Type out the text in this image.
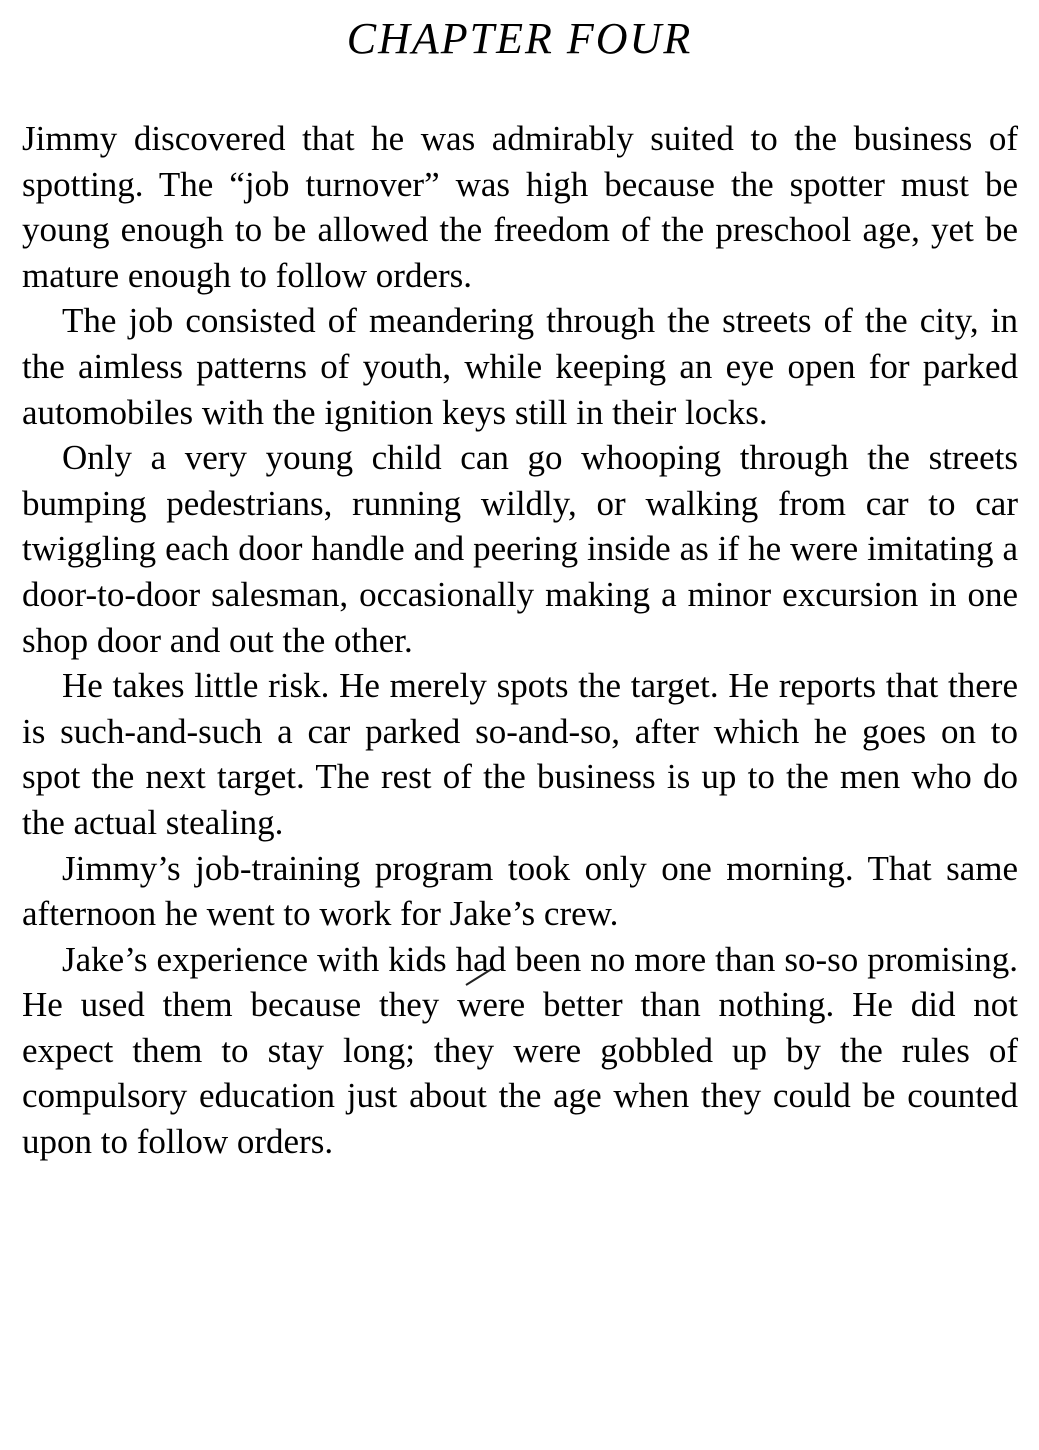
CHAPTER FOUR

Jimmy discovered that he was admirably suited to the business of spotting. The “job turnover” was high because the spotter must be young enough to be allowed the freedom of the preschool age, yet be mature enough to follow orders.

The job consisted of meandering through the streets of the city, in the aimless patterns of youth, while keeping an eye open for parked automobiles with the ignition keys still in their locks.

Only a very young child can go whooping through the streets bumping pedestrians, running wildly, or walking from car to car twiggling each door handle and peering inside as if he were imitating a door-to-door salesman, occasionally making a minor excursion in one shop door and out the other.

He takes little risk. He merely spots the target. He reports that there is such-and-such a car parked so-and-so, after which he goes on to spot the next target. The rest of the business is up to the men who do the actual stealing.

Jimmy’s job-training program took only one morning. That same afternoon he went to work for Jake’s crew.

Jake’s experience with kids had been no more than so-so promising. He used them because they were better than nothing. He did not expect them to stay long; they were gobbled up by the rules of compulsory education just about the age when they could be counted upon to follow orders.
